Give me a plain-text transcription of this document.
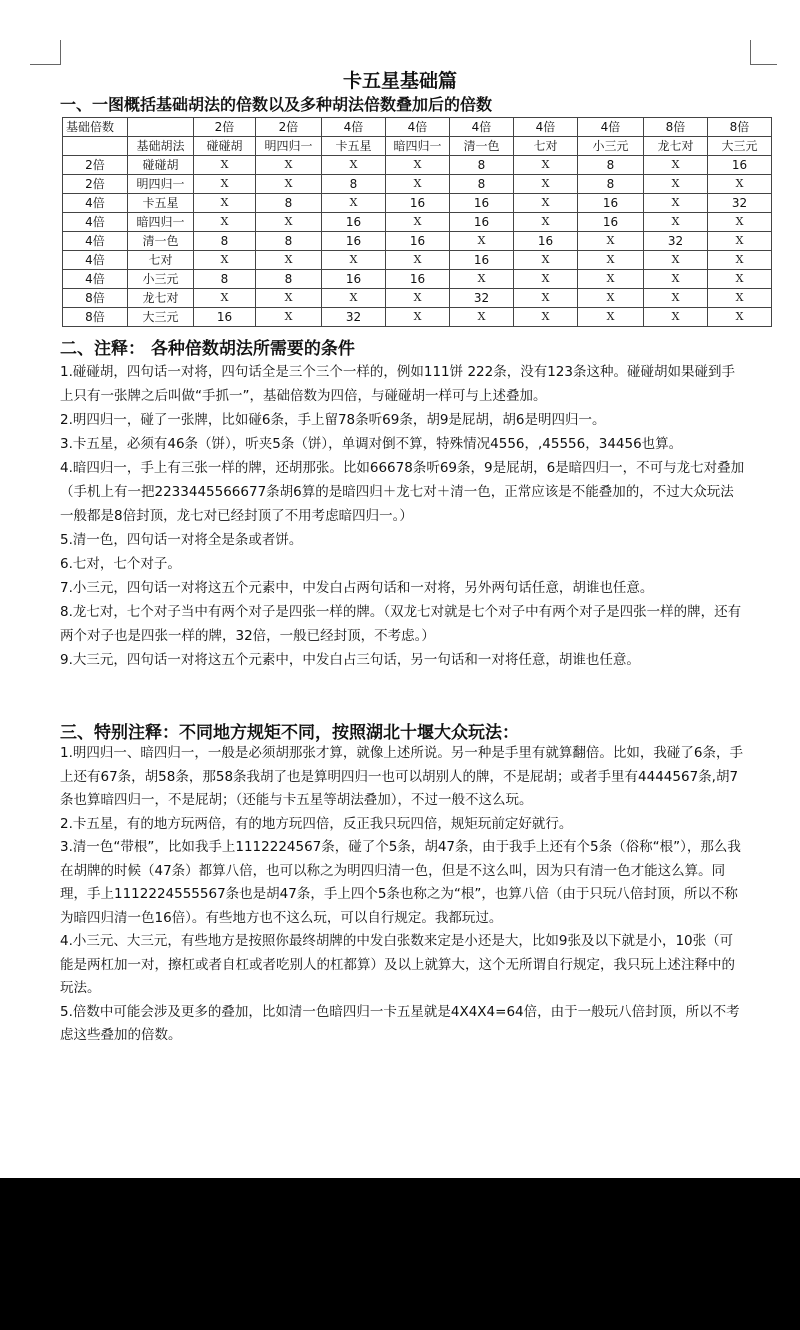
卡五星基础篇
一、一图概括基础胡法的倍数以及多种胡法倍数叠加后的倍数
基础倍数		2倍	2倍	4倍	4倍	4倍	4倍	4倍	8倍	8倍
	基础胡法	碰碰胡	明四归一	卡五星	暗四归一	清一色	七对	小三元	龙七对	大三元
2倍	碰碰胡	X	X	X	X	8	X	8	X	16
2倍	明四归一	X	X	8	X	8	X	8	X	X
4倍	卡五星	X	8	X	16	16	X	16	X	32
4倍	暗四归一	X	X	16	X	16	X	16	X	X
4倍	清一色	8	8	16	16	X	16	X	32	X
4倍	七对	X	X	X	X	16	X	X	X	X
4倍	小三元	8	8	16	16	X	X	X	X	X
8倍	龙七对	X	X	X	X	32	X	X	X	X
8倍	大三元	16	X	32	X	X	X	X	X	X
二、注释： 各种倍数胡法所需要的条件

1.碰碰胡，四句话一对将，四句话全是三个三个一样的，例如111饼 222条，没有123条这种。碰碰胡如果碰到手上只有一张牌之后叫做“手抓一”，基础倍数为四倍，与碰碰胡一样可与上述叠加。

2.明四归一，碰了一张牌，比如碰6条，手上留78条听69条，胡9是屁胡，胡6是明四归一。

3.卡五星，必须有46条（饼），听夹5条（饼），单调对倒不算，特殊情况4556，,45556，34456也算。

4.暗四归一，手上有三张一样的牌，还胡那张。比如66678条听69条，9是屁胡，6是暗四归一，不可与龙七对叠加（手机上有一把2233445566677条胡6算的是暗四归＋龙七对＋清一色，正常应该是不能叠加的，不过大众玩法一般都是8倍封顶，龙七对已经封顶了不用考虑暗四归一。）

5.清一色，四句话一对将全是条或者饼。

6.七对，七个对子。

7.小三元，四句话一对将这五个元素中，中发白占两句话和一对将，另外两句话任意，胡谁也任意。

8.龙七对，七个对子当中有两个对子是四张一样的牌。（双龙七对就是七个对子中有两个对子是四张一样的牌，还有两个对子也是四张一样的牌，32倍，一般已经封顶，不考虑。）

9.大三元，四句话一对将这五个元素中，中发白占三句话，另一句话和一对将任意，胡谁也任意。

三、特别注释：不同地方规矩不同，按照湖北十堰大众玩法：

1.明四归一、暗四归一，一般是必须胡那张才算，就像上述所说。另一种是手里有就算翻倍。比如，我碰了6条，手上还有67条，胡58条，那58条我胡了也是算明四归一也可以胡别人的牌，不是屁胡；或者手里有4444567条,胡7条也算暗四归一，不是屁胡；（还能与卡五星等胡法叠加），不过一般不这么玩。

2.卡五星，有的地方玩两倍，有的地方玩四倍，反正我只玩四倍，规矩玩前定好就行。

3.清一色“带根”，比如我手上1112224567条，碰了个5条，胡47条，由于我手上还有个5条（俗称“根”），那么我在胡牌的时候（47条）都算八倍，也可以称之为明四归清一色，但是不这么叫，因为只有清一色才能这么算。同理，手上1112224555567条也是胡47条，手上四个5条也称之为“根”，也算八倍（由于只玩八倍封顶，所以不称为暗四归清一色16倍）。有些地方也不这么玩，可以自行规定。我都玩过。

4.小三元、大三元，有些地方是按照你最终胡牌的中发白张数来定是小还是大，比如9张及以下就是小，10张（可能是两杠加一对，擦杠或者自杠或者吃别人的杠都算）及以上就算大，这个无所谓自行规定，我只玩上述注释中的玩法。

5.倍数中可能会涉及更多的叠加，比如清一色暗四归一卡五星就是4X4X4=64倍，由于一般玩八倍封顶，所以不考虑这些叠加的倍数。
